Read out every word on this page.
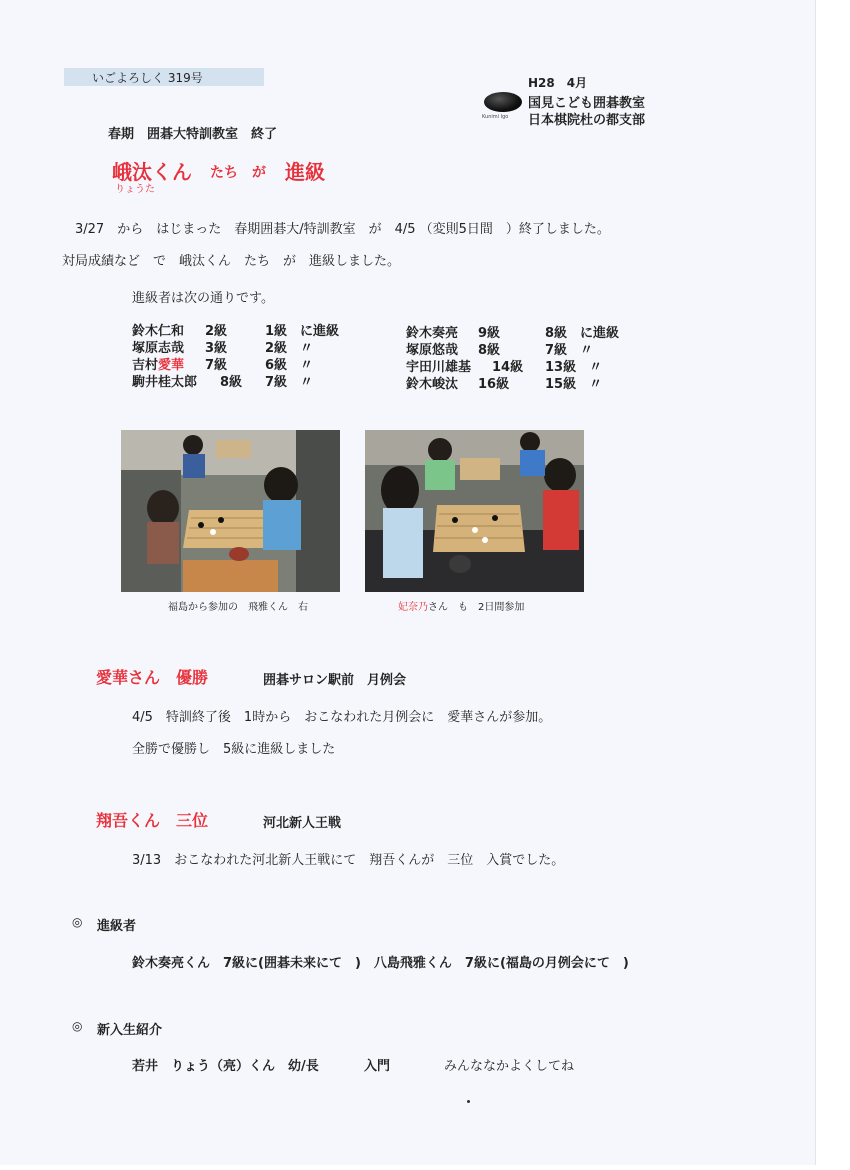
いごよろしく 319号	H28　4月
Kunimi Igo
国見こども囲碁教室
日本棋院杜の都支部
春期　囲碁大特訓教室　終了
峨汰くん たち　が 進級
りょうた
3/27　から　はじまった　春期囲碁大/特訓教室　が　4/5 （変則5日間　）終了しました。
対局成績など　で　峨汰くん　たち　が　進級しました。
進級者は次の通りです。
鈴木仁和 2級	1級　に進級
塚原志哉 3級	2級　〃
吉村愛華 7級	6級　〃
駒井桂太郎 8級 7級　〃
鈴木奏亮 9級	8級　に進級
塚原悠哉 8級	7級　〃
宇田川雄基 14級 13級　〃
鈴木峻汰 16級	15級　〃
福島から参加の　飛雅くん　右	妃奈乃さん　も　2日間参加
愛華さん　優勝	囲碁サロン駅前　月例会
4/5　特訓終了後　1時から　おこなわれた月例会に　愛華さんが参加。
全勝で優勝し　5級に進級しました
翔吾くん　三位	河北新人王戦
3/13　おこなわれた河北新人王戦にて　翔吾くんが　三位　入賞でした。
◎ 進級者
鈴木奏亮くん　7級に(囲碁未来にて　)　八島飛雅くん　7級に(福島の月例会にて　)
◎ 新入生紹介
若井　りょう（亮）くん　幼/長	入門	みんななかよくしてね
